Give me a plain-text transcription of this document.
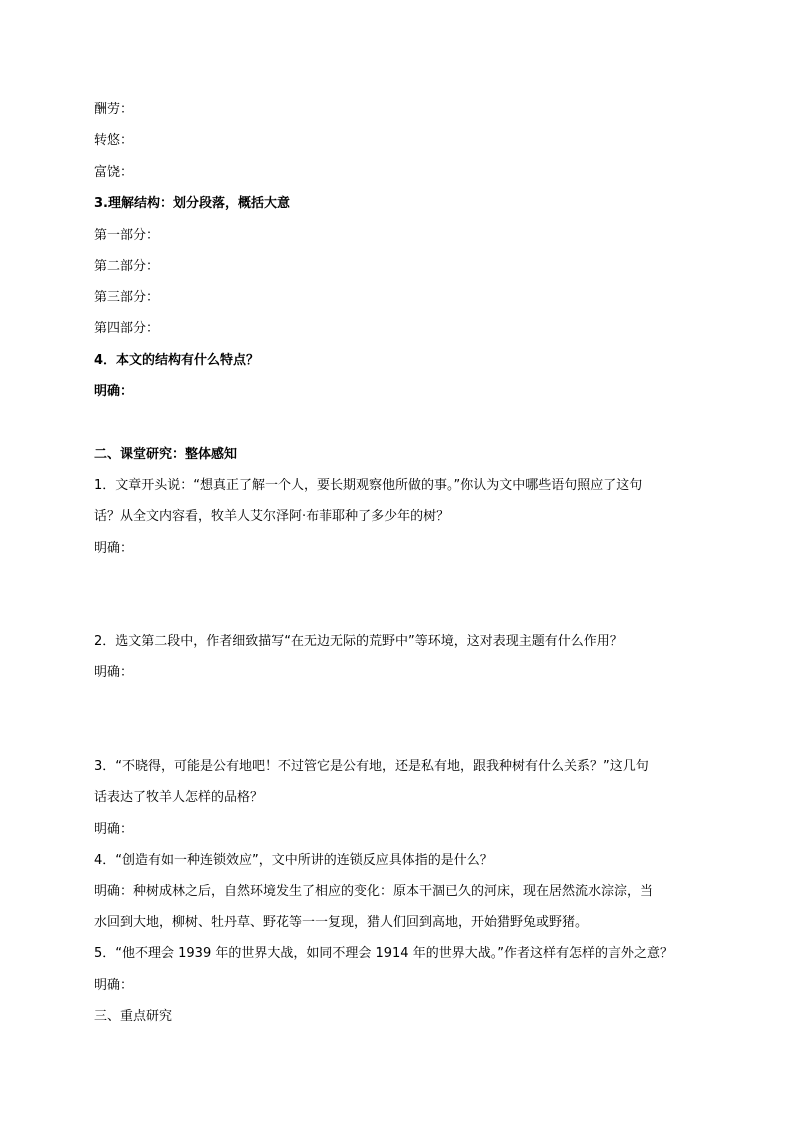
酬劳：
转悠：
富饶：
3.理解结构：划分段落，概括大意
第一部分：
第二部分：
第三部分：
第四部分：
4．本文的结构有什么特点？
明确：
二、课堂研究：整体感知
1．文章开头说：“想真正了解一个人，要长期观察他所做的事。”你认为文中哪些语句照应了这句
话？从全文内容看，牧羊人艾尔泽阿·布菲耶种了多少年的树？
明确：
2．选文第二段中，作者细致描写“在无边无际的荒野中”等环境，这对表现主题有什么作用？
明确：
3．“不晓得，可能是公有地吧！不过管它是公有地，还是私有地，跟我种树有什么关系？”这几句
话表达了牧羊人怎样的品格？
明确：
4．“创造有如一种连锁效应”，文中所讲的连锁反应具体指的是什么？
明确：种树成林之后，自然环境发生了相应的变化：原本干涸已久的河床，现在居然流水淙淙，当
水回到大地，柳树、牡丹草、野花等一一复现，猎人们回到高地，开始猎野兔或野猪。
5．“他不理会 1939 年的世界大战，如同不理会 1914 年的世界大战。”作者这样有怎样的言外之意？
明确：
三、重点研究
